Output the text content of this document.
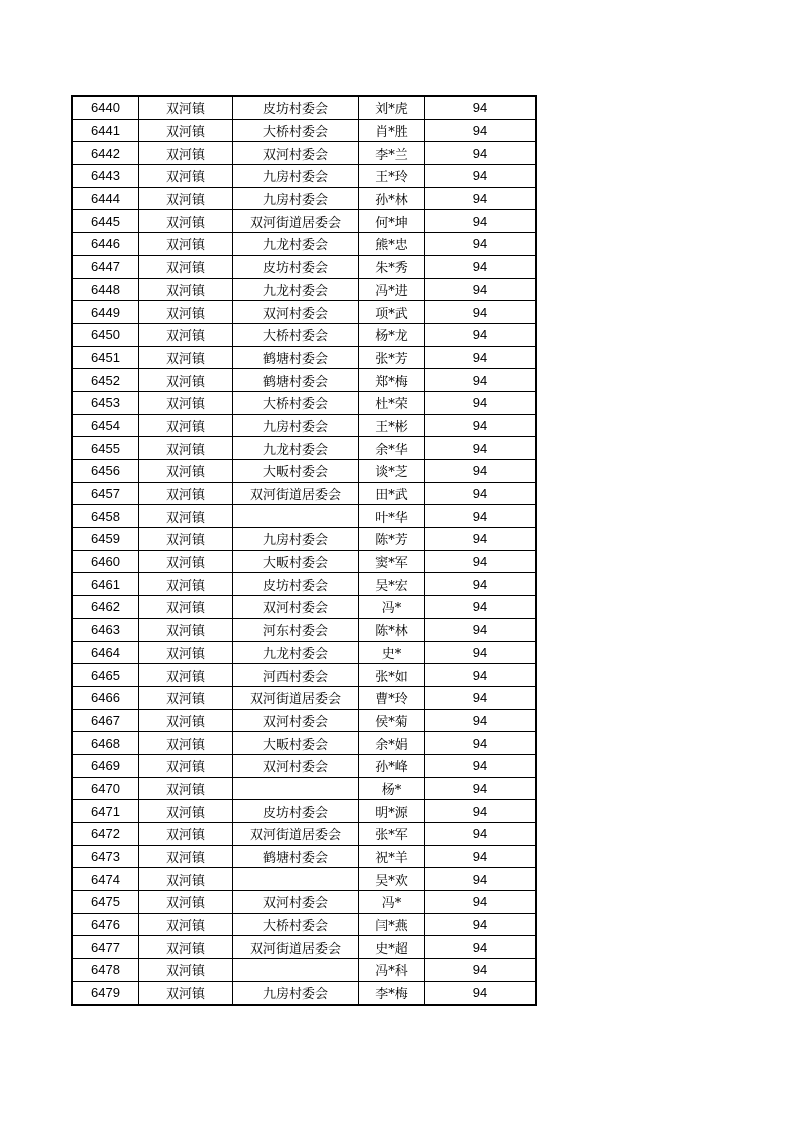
6440	双河镇	皮坊村委会	刘*虎	94
6441	双河镇	大桥村委会	肖*胜	94
6442	双河镇	双河村委会	李*兰	94
6443	双河镇	九房村委会	王*玲	94
6444	双河镇	九房村委会	孙*林	94
6445	双河镇	双河街道居委会	何*坤	94
6446	双河镇	九龙村委会	熊*忠	94
6447	双河镇	皮坊村委会	朱*秀	94
6448	双河镇	九龙村委会	冯*进	94
6449	双河镇	双河村委会	项*武	94
6450	双河镇	大桥村委会	杨*龙	94
6451	双河镇	鹤塘村委会	张*芳	94
6452	双河镇	鹤塘村委会	郑*梅	94
6453	双河镇	大桥村委会	杜*荣	94
6454	双河镇	九房村委会	王*彬	94
6455	双河镇	九龙村委会	余*华	94
6456	双河镇	大畈村委会	谈*芝	94
6457	双河镇	双河街道居委会	田*武	94
6458	双河镇		叶*华	94
6459	双河镇	九房村委会	陈*芳	94
6460	双河镇	大畈村委会	窦*军	94
6461	双河镇	皮坊村委会	吴*宏	94
6462	双河镇	双河村委会	冯*	94
6463	双河镇	河东村委会	陈*林	94
6464	双河镇	九龙村委会	史*	94
6465	双河镇	河西村委会	张*如	94
6466	双河镇	双河街道居委会	曹*玲	94
6467	双河镇	双河村委会	侯*菊	94
6468	双河镇	大畈村委会	余*娟	94
6469	双河镇	双河村委会	孙*峰	94
6470	双河镇		杨*	94
6471	双河镇	皮坊村委会	明*源	94
6472	双河镇	双河街道居委会	张*军	94
6473	双河镇	鹤塘村委会	祝*羊	94
6474	双河镇		吴*欢	94
6475	双河镇	双河村委会	冯*	94
6476	双河镇	大桥村委会	闫*燕	94
6477	双河镇	双河街道居委会	史*超	94
6478	双河镇		冯*科	94
6479	双河镇	九房村委会	李*梅	94
